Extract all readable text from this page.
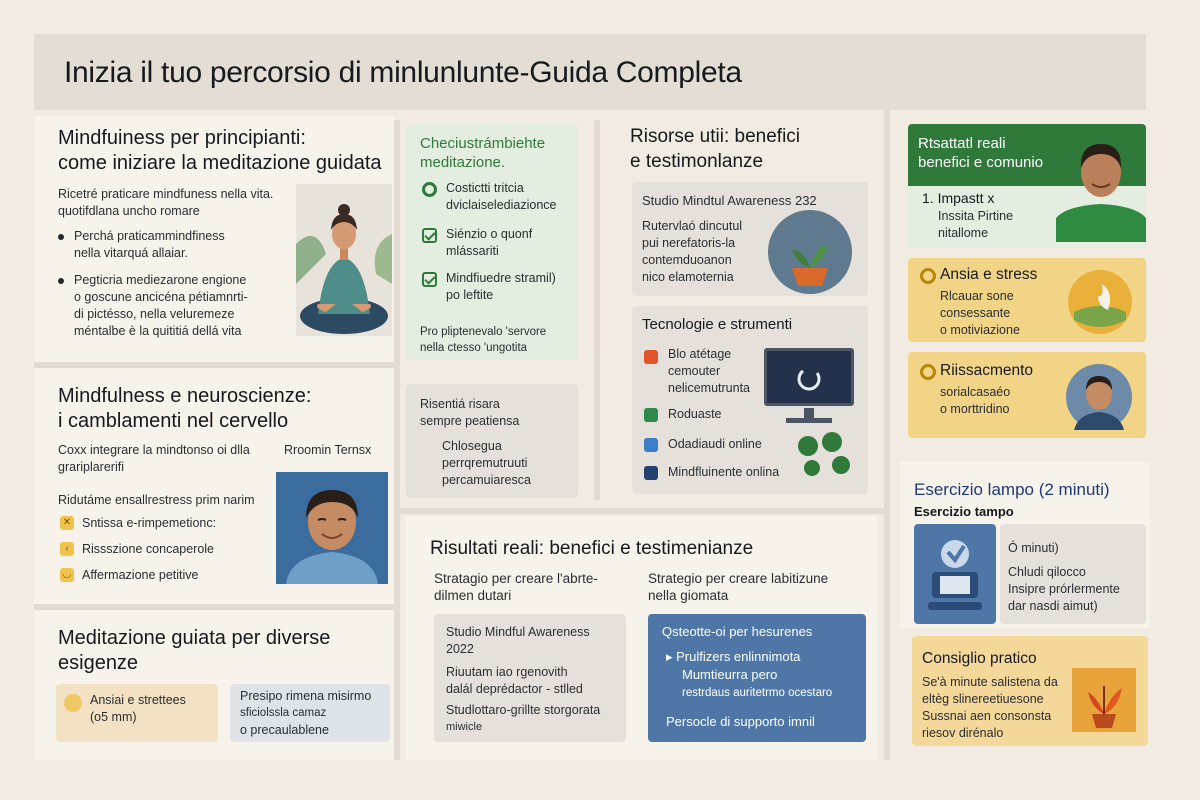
Inizia il tuo percorsio di minlunlunte-Guida Completa
Mindfuiness per principianti:
come iniziare la meditazione guidata
Ricetré praticare mindfuness nella vita.
quotifdlana uncho romare
Perchá praticammindfiness
nella vitarquá allaiar.
Pegticria mediezarone engione
o goscune ancicéna pétiamnrti-
di pictésso, nella veluremeze
méntalbe è la quititiá dellá vita
Mindfulness e neuroscienze:
i camblamenti nel cervello
Coxx integrare la mindtonso oi dlla
grariplarerifi
Rroomin Ternsx
Ridutáme ensallrestress prim narim
✕ Sntissa e-rimpemetionc:
‹	Rissszione concaperole
◡ Affermazione petitive
Meditazione guiata per diverse
esigenze
Ansiai e strettees
(o5 mm)
Presipo rimena misirmo
sficiolssla camaz
o precaulablene
Checiustrámbiehte
meditazione.
Costictti tritcia
dviclaiselediazionce
Siénzio o quonf
mlássariti
Mindfiuedre stramil)
po leftite
Pro pliptenevalo 'servore
nella ctesso 'ungotita
Risentiá risara
sempre peatiensa
Chlosegua
perrqremutruuti
percamuiaresca
Risorse utii: benefici
e testimonlanze
Studio Mindtul Awareness 232
Rutervlaó dincutul
pui nerefatoris-la
contemduoanon
nico elamoternia
Tecnologie e strumenti
Blo atétage
cemouter
nelicemutrunta
Roduaste
Odadiaudi online
Mindfluinente onlina
Risultati reali: benefici e testimenianze
Stratagio per creare l'abrte-
dilmen dutari
Strategio per creare labitizune
nella giomata
Studio Mindful Awareness
2022
Riuutam iao rgenovith
dalál deprédactor - stlled
Studlottaro-grillte storgorata
miwicle
Qsteotte-oi per hesurenes
▸ Prulfizers enlinnimota
Mumtieurra pero
restrdaus auritetrmo ocestaro
Persocle di supporto imnil
Rtsattatl reali
benefici e comunio
1. Impastt x
Inssita Pirtine
nitallome
Ansia e stress
Rlcauar sone
consessante
o motiviazione
Riissacmento
sorialcasaéo
o morttridino
Esercizio lampo (2 minuti)
Esercizio tampo
Ó minuti)
Chludi qilocco
Insipre prórlermente
dar nasdi aimut)
Consiglio pratico
Se'à minute salistena da
eltèg slinereetiuesone
Sussnai aen consonsta
riesov dirénalo
